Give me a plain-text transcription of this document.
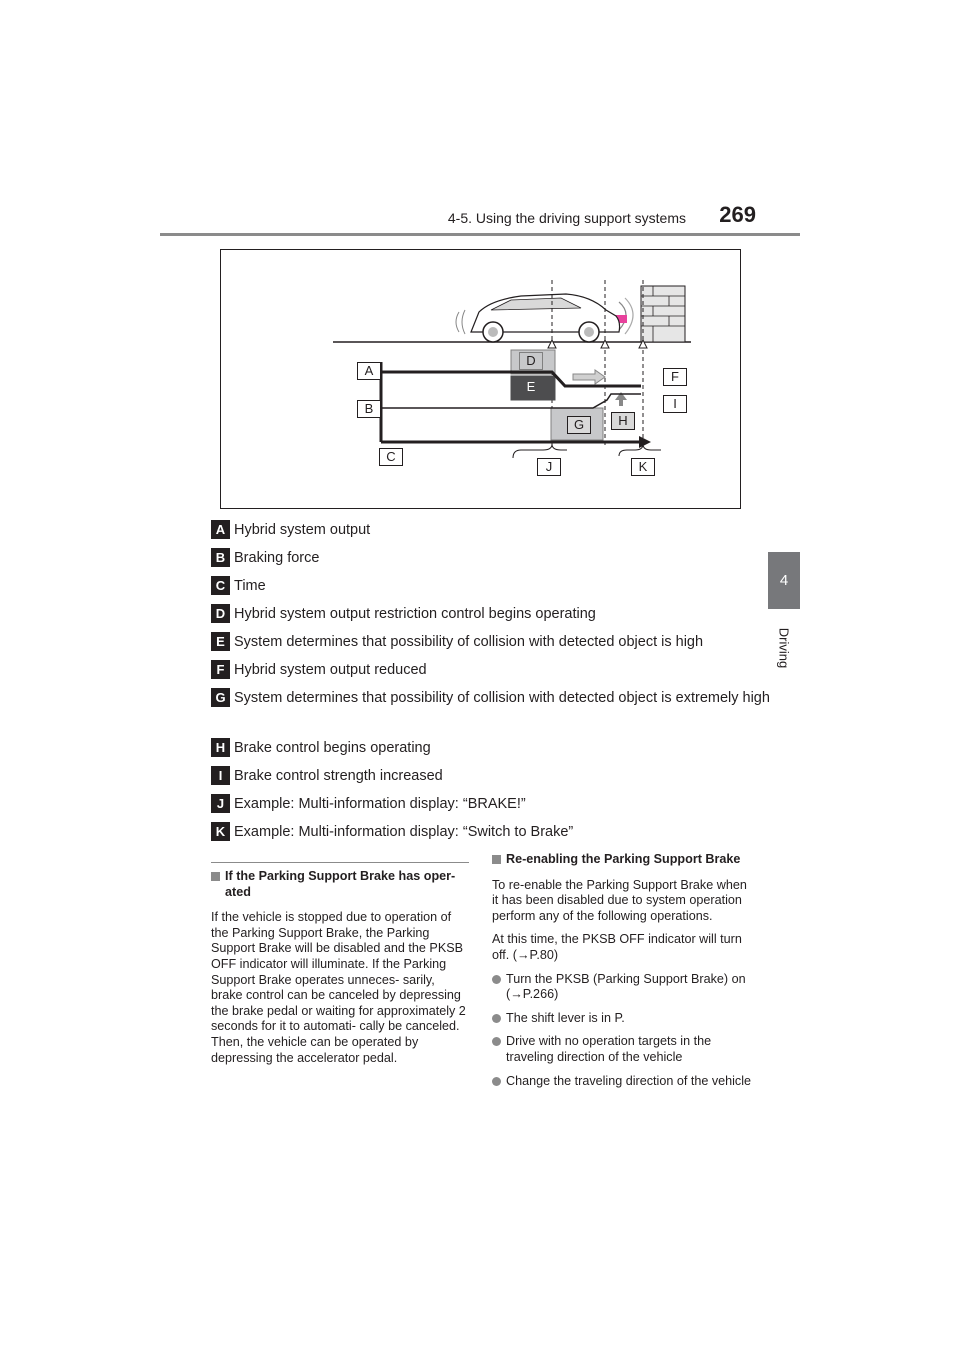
4-5. Using the driving support systems 269
4
Driving
A
B
C
D
E
F
G	H
I
J	K
A Hybrid system output
B Braking force
C Time
D Hybrid system output restriction control begins operating
E System determines that possibility of collision with detected object is high
F Hybrid system output reduced
G System determines that possibility of collision with detected object is extremely high
H Brake control begins operating
I Brake control strength increased
J Example: Multi-information display: “BRAKE!”
K Example: Multi-information display: “Switch to Brake”
If the Parking Support Brake has oper- ated

If the vehicle is stopped due to operation of the Parking Support Brake, the Parking Support Brake will be disabled and the PKSB OFF indicator will illuminate. If the Parking Support Brake operates unneces- sarily, brake control can be canceled by depressing the brake pedal or waiting for approximately 2 seconds for it to automati- cally be canceled. Then, the vehicle can be operated by depressing the accelerator pedal.

Re-enabling the Parking Support Brake

To re-enable the Parking Support Brake when it has been disabled due to system operation perform any of the following operations.

At this time, the PKSB OFF indicator will turn off. (→P.80)

Turn the PKSB (Parking Support Brake) on (→P.266)
The shift lever is in P.
Drive with no operation targets in the traveling direction of the vehicle
Change the traveling direction of the vehicle
